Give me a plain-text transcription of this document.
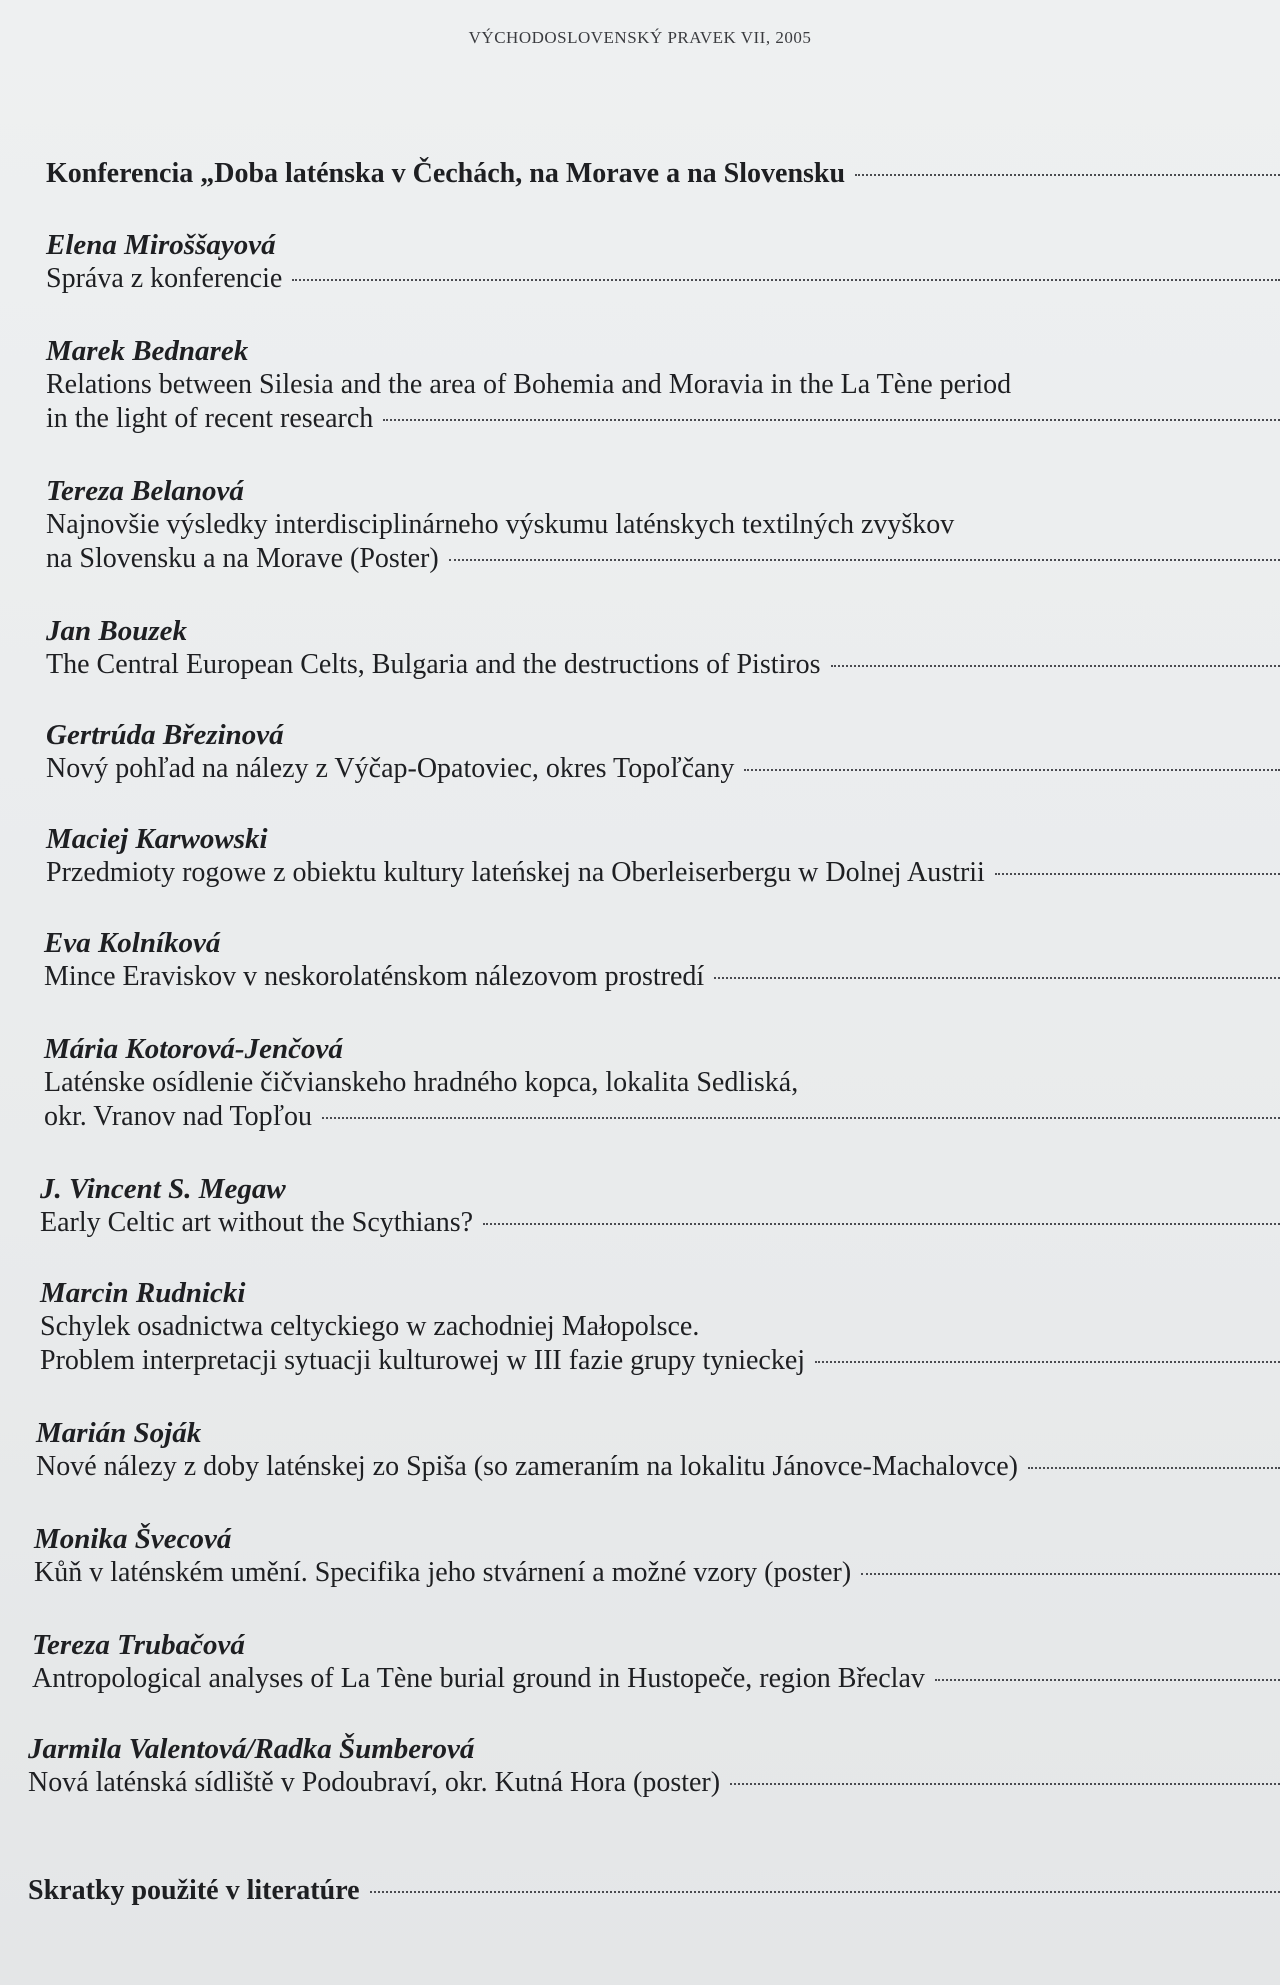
VÝCHODOSLOVENSKÝ PRAVEK VII, 2005
Konferencia „Doba laténska v Čechách, na Morave a na Slovensku
Elena Miroššayová
Správa z konferencie
Marek Bednarek
Relations between Silesia and the area of Bohemia and Moravia in the La Tène period
in the light of recent research
Tereza Belanová
Najnovšie výsledky interdisciplinárneho výskumu laténskych textilných zvyškov
na Slovensku a na Morave (Poster)
Jan Bouzek
The Central European Celts, Bulgaria and the destructions of Pistiros
Gertrúda Březinová
Nový pohľad na nálezy z Výčap-Opatoviec, okres Topoľčany
Maciej Karwowski
Przedmioty rogowe z obiektu kultury lateńskej na Oberleiserbergu w Dolnej Austrii
Eva Kolníková
Mince Eraviskov v neskorolaténskom nálezovom prostredí
Mária Kotorová-Jenčová
Laténske osídlenie čičvianskeho hradného kopca, lokalita Sedliská,
okr. Vranov nad Topľou
J. Vincent S. Megaw
Early Celtic art without the Scythians?
Marcin Rudnicki
Schylek osadnictwa celtyckiego w zachodniej Małopolsce.
Problem interpretacji sytuacji kulturowej w III fazie grupy tynieckej
Marián Soják
Nové nálezy z doby laténskej zo Spiša (so zameraním na lokalitu Jánovce-Machalovce)
Monika Švecová
Kůň v laténském umění. Specifika jeho stvárnení a možné vzory (poster)
Tereza Trubačová
Antropological analyses of La Tène burial ground in Hustopeče, region Břeclav
Jarmila Valentová/Radka Šumberová
Nová laténská sídliště v Podoubraví, okr. Kutná Hora (poster)
Skratky použité v literatúre
